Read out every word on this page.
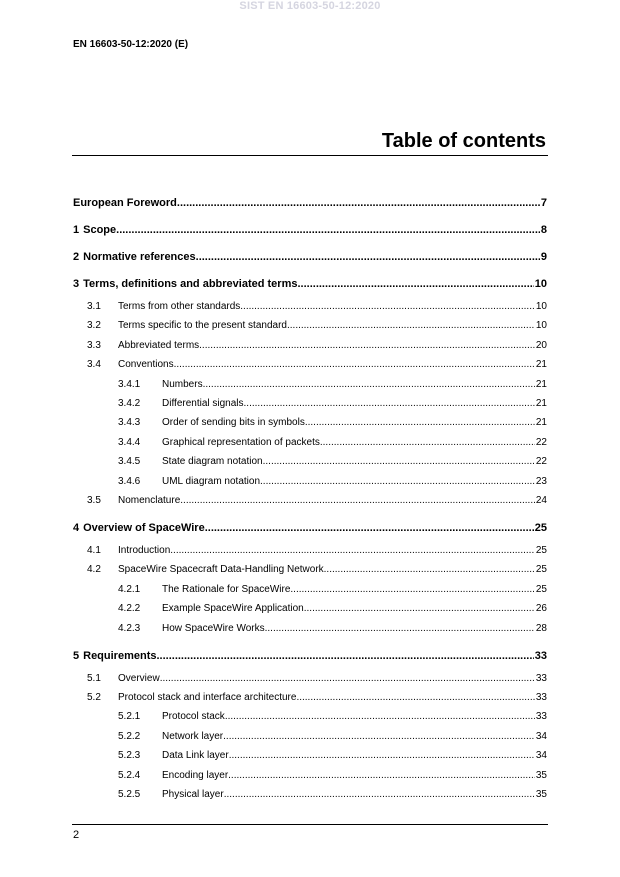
SIST EN 16603-50-12:2020
EN 16603-50-12:2020 (E)
Table of contents
European Foreword .....	7
1 Scope .....	8
2 Normative references .....	9
3 Terms, definitions and abbreviated terms .....	10
3.1	Terms from other standards .....	10
3.2	Terms specific to the present standard .....	10
3.3	Abbreviated terms .....	20
3.4	Conventions .....	21
3.4.1	Numbers .....	21
3.4.2	Differential signals .....	21
3.4.3	Order of sending bits in symbols .....	21
3.4.4	Graphical representation of packets .....	22
3.4.5	State diagram notation .....	22
3.4.6	UML diagram notation .....	23
3.5	Nomenclature .....	24
4 Overview of SpaceWire .....	25
4.1	Introduction .....	25
4.2	SpaceWire Spacecraft Data-Handling Network .....	25
4.2.1	The Rationale for SpaceWire .....	25
4.2.2	Example SpaceWire Application .....	26
4.2.3	How SpaceWire Works .....	28
5 Requirements .....	33
5.1	Overview .....	33
5.2	Protocol stack and interface architecture .....	33
5.2.1	Protocol stack .....	33
5.2.2	Network layer .....	34
5.2.3	Data Link layer .....	34
5.2.4	Encoding layer .....	35
5.2.5	Physical layer .....	35
2
